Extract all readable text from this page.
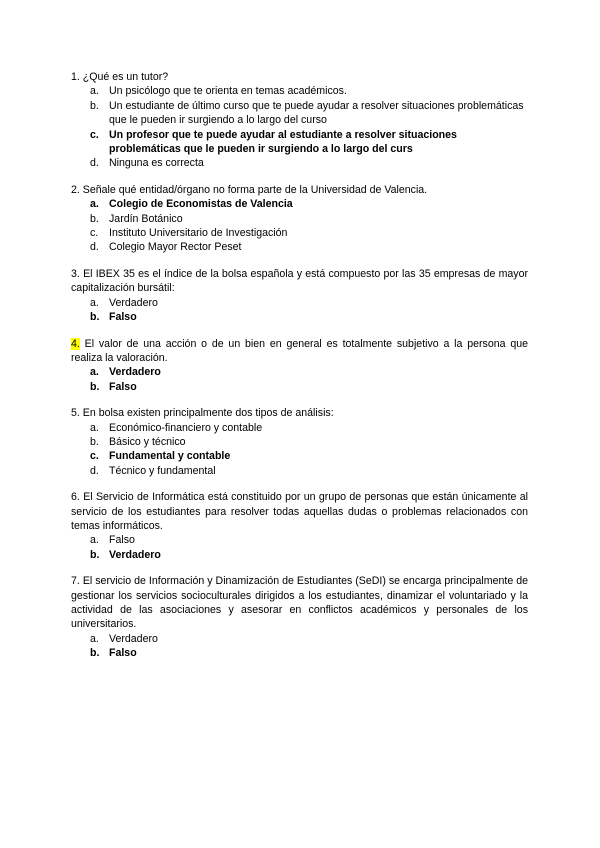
1. ¿Qué es un tutor?

a. Un psicólogo que te orienta en temas académicos.
b. Un estudiante de último curso que te puede ayudar a resolver situaciones problemáticas que le pueden ir surgiendo a lo largo del curso
c. Un profesor que te puede ayudar al estudiante a resolver situaciones problemáticas que le pueden ir surgiendo a lo largo del curs
d. Ninguna es correcta

2. Señale qué entidad/órgano no forma parte de la Universidad de Valencia.

a. Colegio de Economistas de Valencia
b. Jardín Botánico
c. Instituto Universitario de Investigación
d. Colegio Mayor Rector Peset

3. El IBEX 35 es el índice de la bolsa española y está compuesto por las 35 empresas de mayor capitalización bursátil:

a. Verdadero
b. Falso

4. El valor de una acción o de un bien en general es totalmente subjetivo a la persona que realiza la valoración.

a. Verdadero
b. Falso

5. En bolsa existen principalmente dos tipos de análisis:

a. Económico-financiero y contable
b. Básico y técnico
c. Fundamental y contable
d. Técnico y fundamental

6. El Servicio de Informática está constituido por un grupo de personas que están únicamente al servicio de los estudiantes para resolver todas aquellas dudas o problemas relacionados con temas informáticos.

a. Falso
b. Verdadero

7. El servicio de Información y Dinamización de Estudiantes (SeDI) se encarga principalmente de gestionar los servicios socioculturales dirigidos a los estudiantes, dinamizar el voluntariado y la actividad de las asociaciones y asesorar en conflictos académicos y personales de los universitarios.

a. Verdadero
b. Falso
